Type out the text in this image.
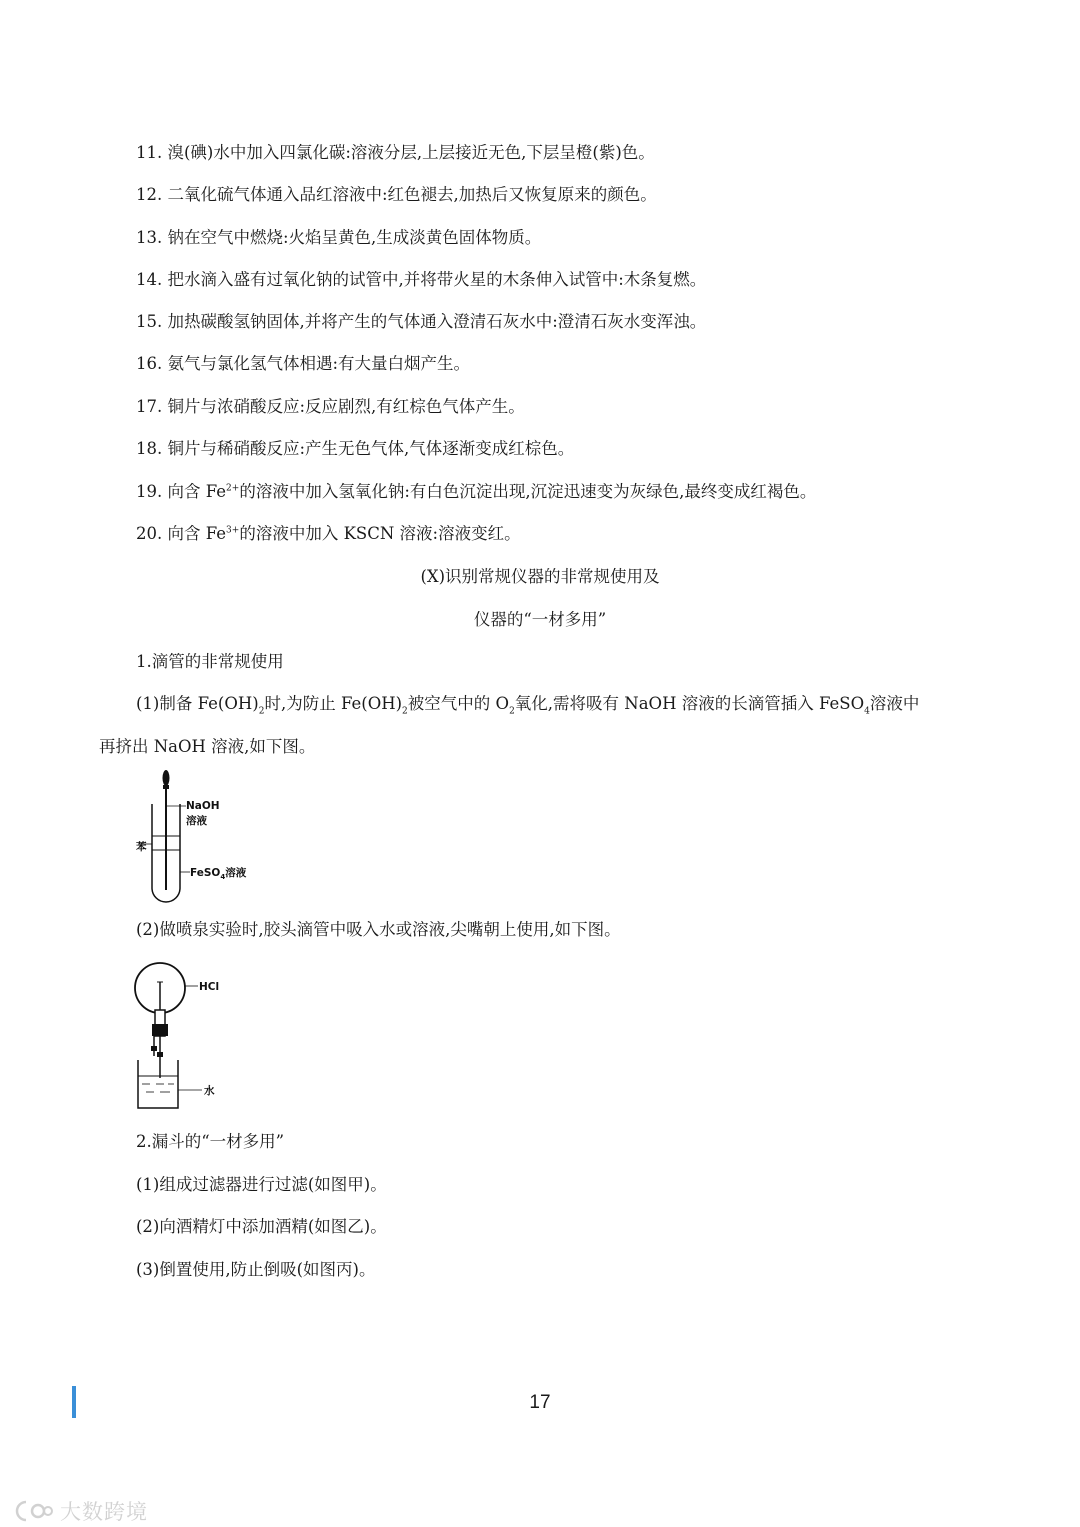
11. 溴(碘)水中加入四氯化碳:溶液分层,上层接近无色,下层呈橙(紫)色。
12. 二氧化硫气体通入品红溶液中:红色褪去,加热后又恢复原来的颜色。
13. 钠在空气中燃烧:火焰呈黄色,生成淡黄色固体物质。
14. 把水滴入盛有过氧化钠的试管中,并将带火星的木条伸入试管中:木条复燃。
15. 加热碳酸氢钠固体,并将产生的气体通入澄清石灰水中:澄清石灰水变浑浊。
16. 氨气与氯化氢气体相遇:有大量白烟产生。
17. 铜片与浓硝酸反应:反应剧烈,有红棕色气体产生。
18. 铜片与稀硝酸反应:产生无色气体,气体逐渐变成红棕色。
19. 向含 $Fe^{2+}$的溶液中加入氢氧化钠:有白色沉淀出现,沉淀迅速变为灰绿色,最终变成红褐色。
20. 向含 $Fe^{3+}$的溶液中加入 KSCN 溶液:溶液变红。
(X)识别常规仪器的非常规使用及
仪器的“一材多用”
1.滴管的非常规使用
(1)制备 $Fe(OH)_2$时,为防止 $Fe(OH)_2$被空气中的 $O_2$氧化,需将吸有 NaOH 溶液的长滴管插入 FeSO$_4$溶液中
再挤出 NaOH 溶液,如下图。
NaOH
溶液
苯
FeSO$_4$溶液
(2)做喷泉实验时,胶头滴管中吸入水或溶液,尖嘴朝上使用,如下图。
HCl
水
2.漏斗的“一材多用”
(1)组成过滤器进行过滤(如图甲)。
(2)向酒精灯中添加酒精(如图乙)。
(3)倒置使用,防止倒吸(如图丙)。
17
大数跨境
